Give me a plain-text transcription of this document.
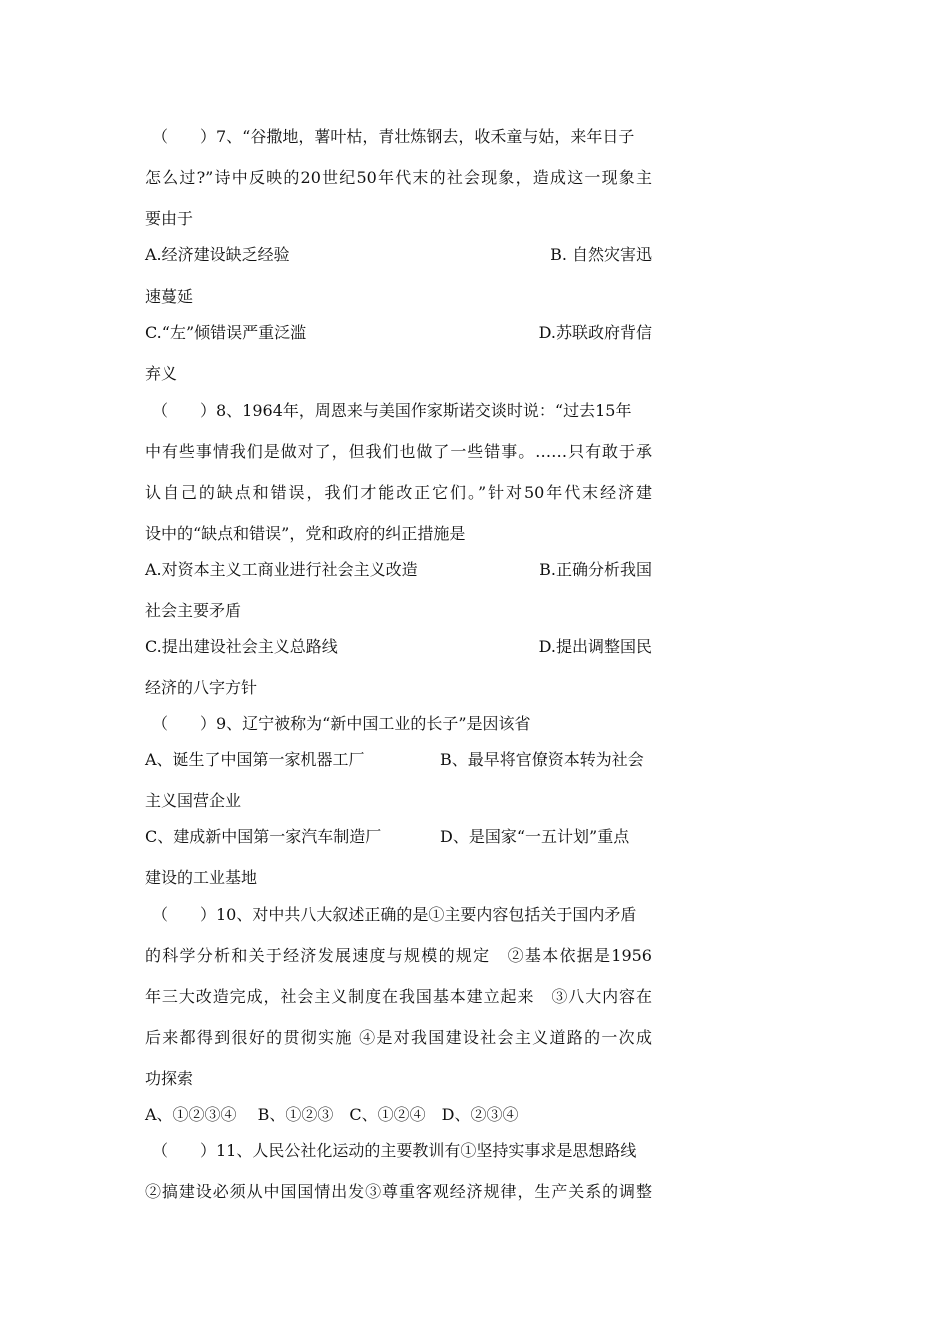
（　　）7、“谷撒地，薯叶枯，青壮炼钢去，收禾童与姑，来年日子
怎么过?”诗中反映的20世纪50年代末的社会现象，造成这一现象主
要由于
A.经济建设缺乏经验	B. 自然灾害迅
速蔓延
C.“左”倾错误严重泛滥	D.苏联政府背信
弃义
（　　）8、1964年，周恩来与美国作家斯诺交谈时说：“过去15年
中有些事情我们是做对了，但我们也做了一些错事。……只有敢于承
认自己的缺点和错误，我们才能改正它们。”针对50年代末经济建
设中的“缺点和错误”，党和政府的纠正措施是
A.对资本主义工商业进行社会主义改造	B.正确分析我国
社会主要矛盾
C.提出建设社会主义总路线	D.提出调整国民
经济的八字方针
（　　）9、辽宁被称为“新中国工业的长子”是因该省
A、诞生了中国第一家机器工厂	B、最早将官僚资本转为社会
主义国营企业
C、建成新中国第一家汽车制造厂	D、是国家“一五计划”重点
建设的工业基地
（　　）10、对中共八大叙述正确的是①主要内容包括关于国内矛盾
的科学分析和关于经济发展速度与规模的规定　②基本依据是1956
年三大改造完成，社会主义制度在我国基本建立起来　③八大内容在
后来都得到很好的贯彻实施 ④是对我国建设社会主义道路的一次成
功探索
A、①②③④　 B、①②③　C、①②④　D、②③④
（　　）11、人民公社化运动的主要教训有①坚持实事求是思想路线
②搞建设必须从中国国情出发③尊重客观经济规律，生产关系的调整
